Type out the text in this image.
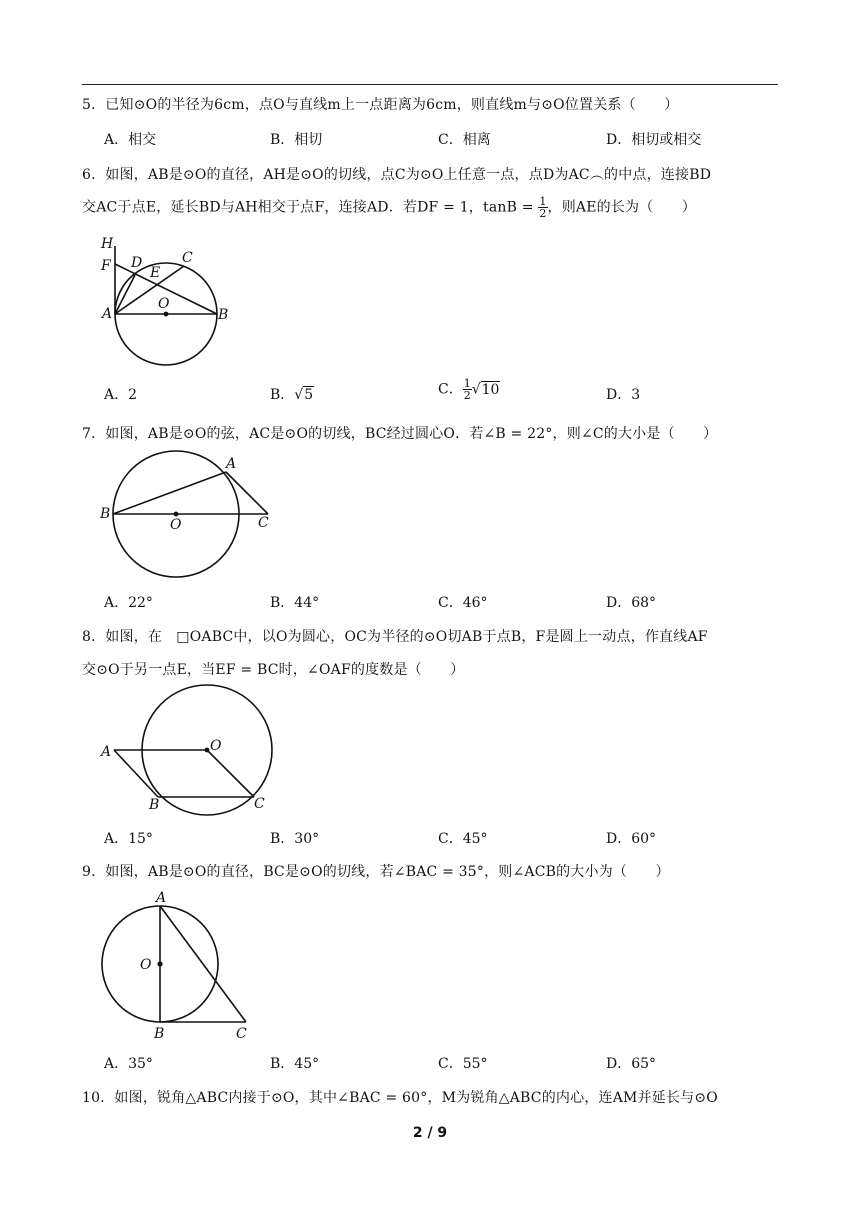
5．已知⊙O的半径为6cm，点O与直线m上一点距离为6cm，则直线m与⊙O位置关系（　　）
A．相交	B．相切	C．相离	D．相切或相交
6．如图，AB是⊙O的直径，AH是⊙O的切线，点C为⊙O上任意一点，点D为AC︵的中点，连接BD
交AC于点E，延长BD与AH相交于点F，连接AD．若DF = 1，$\tan B = \frac{1}{2}$ ，则AE的长为（　　）
H
F D	C
E
O
A	B
A．2	B．√5	C． $\frac{1}{2} √10$	D．3
7．如图，AB是⊙O的弦，AC是⊙O的切线，BC经过圆心O．若∠B = 22°，则∠C的大小是（　　）
A
B
O	C
A．22°	B．44°	C．46°	D．68°
8．如图，在　□OABC中，以O为圆心，OC为半径的⊙O切AB于点B，F是圆上一动点，作直线AF
交⊙O于另一点E，当EF = BC时，∠OAF的度数是（　　）
A	O
B	C
A．15°	B．30°	C．45°	D．60°
9．如图，AB是⊙O的直径，BC是⊙O的切线，若∠BAC = 35°，则∠ACB的大小为（　　）
A
O
B	C
A．35°	B．45°	C．55°	D．65°
10．如图，锐角△ABC内接于⊙O，其中∠BAC = 60°，M为锐角△ABC的内心，连AM并延长与⊙O
2 / 9
